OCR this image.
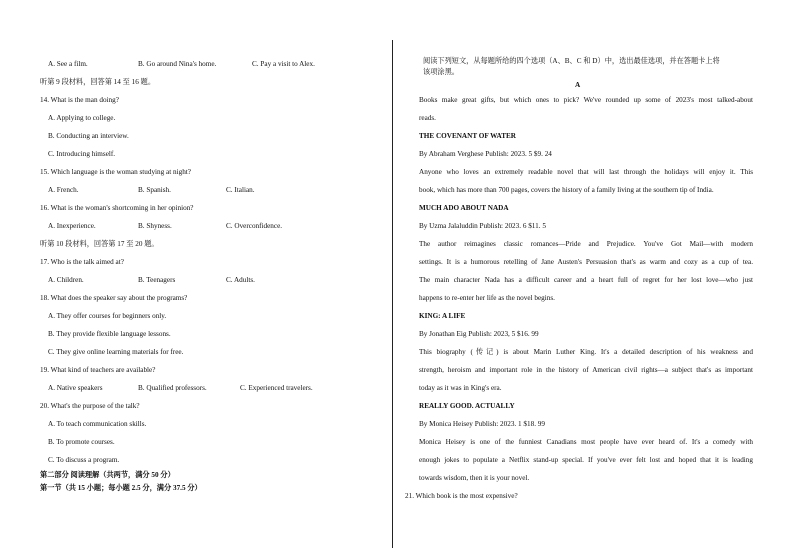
A. See a film.	B. Go around Nina's home.	C. Pay a visit to Alex.
听第 9 段材料，回答第 14 至 16 题。
14. What is the man doing?
A. Applying to college.
B. Conducting an interview.
C. Introducing himself.
15. Which language is the woman studying at night?
A. French.	B. Spanish.	C. Italian.
16. What is the woman's shortcoming in her opinion?
A. Inexperience.	B. Shyness.	C. Overconfidence.
听第 10 段材料，回答第 17 至 20 题。
17. Who is the talk aimed at?
A. Children.	B. Teenagers	C. Adults.
18. What does the speaker say about the programs?
A. They offer courses for beginners only.
B. They provide flexible language lessons.
C. They give online learning materials for free.
19. What kind of teachers are available?
A. Native speakers	B. Qualified professors.	C. Experienced travelers.
20. What's the purpose of the talk?
A. To teach communication skills.
B. To promote courses.
C. To discuss a program.
第二部分 阅读理解（共两节，满分 50 分）
第一节（共 15 小题；每小题 2.5 分，满分 37.5 分）
阅读下列短文，从每题所给的四个选项（A、B、C 和 D）中，选出最佳选项，并在答题卡上将
该项涂黑。
A
Books make great gifts, but which ones to pick? We've rounded up some of 2023's most talked-about
reads.
THE COVENANT OF WATER
By Abraham Verghese Publish: 2023. 5 $9. 24
Anyone who loves an extremely readable novel that will last through the holidays will enjoy it. This
book, which has more than 700 pages, covers the history of a family living at the southern tip of India.
MUCH ADO ABOUT NADA
By Uzma Jalaluddin Publish: 2023. 6 $11. 5
The author reimagines classic romances—Pride and Prejudice. You've Got Mail—with modern
settings. It is a humorous retelling of Jane Austen's Persuasion that's as warm and cozy as a cup of tea.
The main character Nada has a difficult career and a heart full of regret for her lost love—who just
happens to re-enter her life as the novel begins.
KING: A LIFE
By Jonathan Eig Publish: 2023, 5 $16. 99
This biography (传记) is about Marin Luther King. It's a detailed description of his weakness and
strength, heroism and important role in the history of American civil rights—a subject that's as important
today as it was in King's era.
REALLY GOOD. ACTUALLY
By Monica Heisey Publish: 2023. 1 $18. 99
Monica Heisey is one of the funniest Canadians most people have ever heard of. It's a comedy with
enough jokes to populate a Netflix stand-up special. If you've ever felt lost and hoped that it is leading
towards wisdom, then it is your novel.
21. Which book is the most expensive?
